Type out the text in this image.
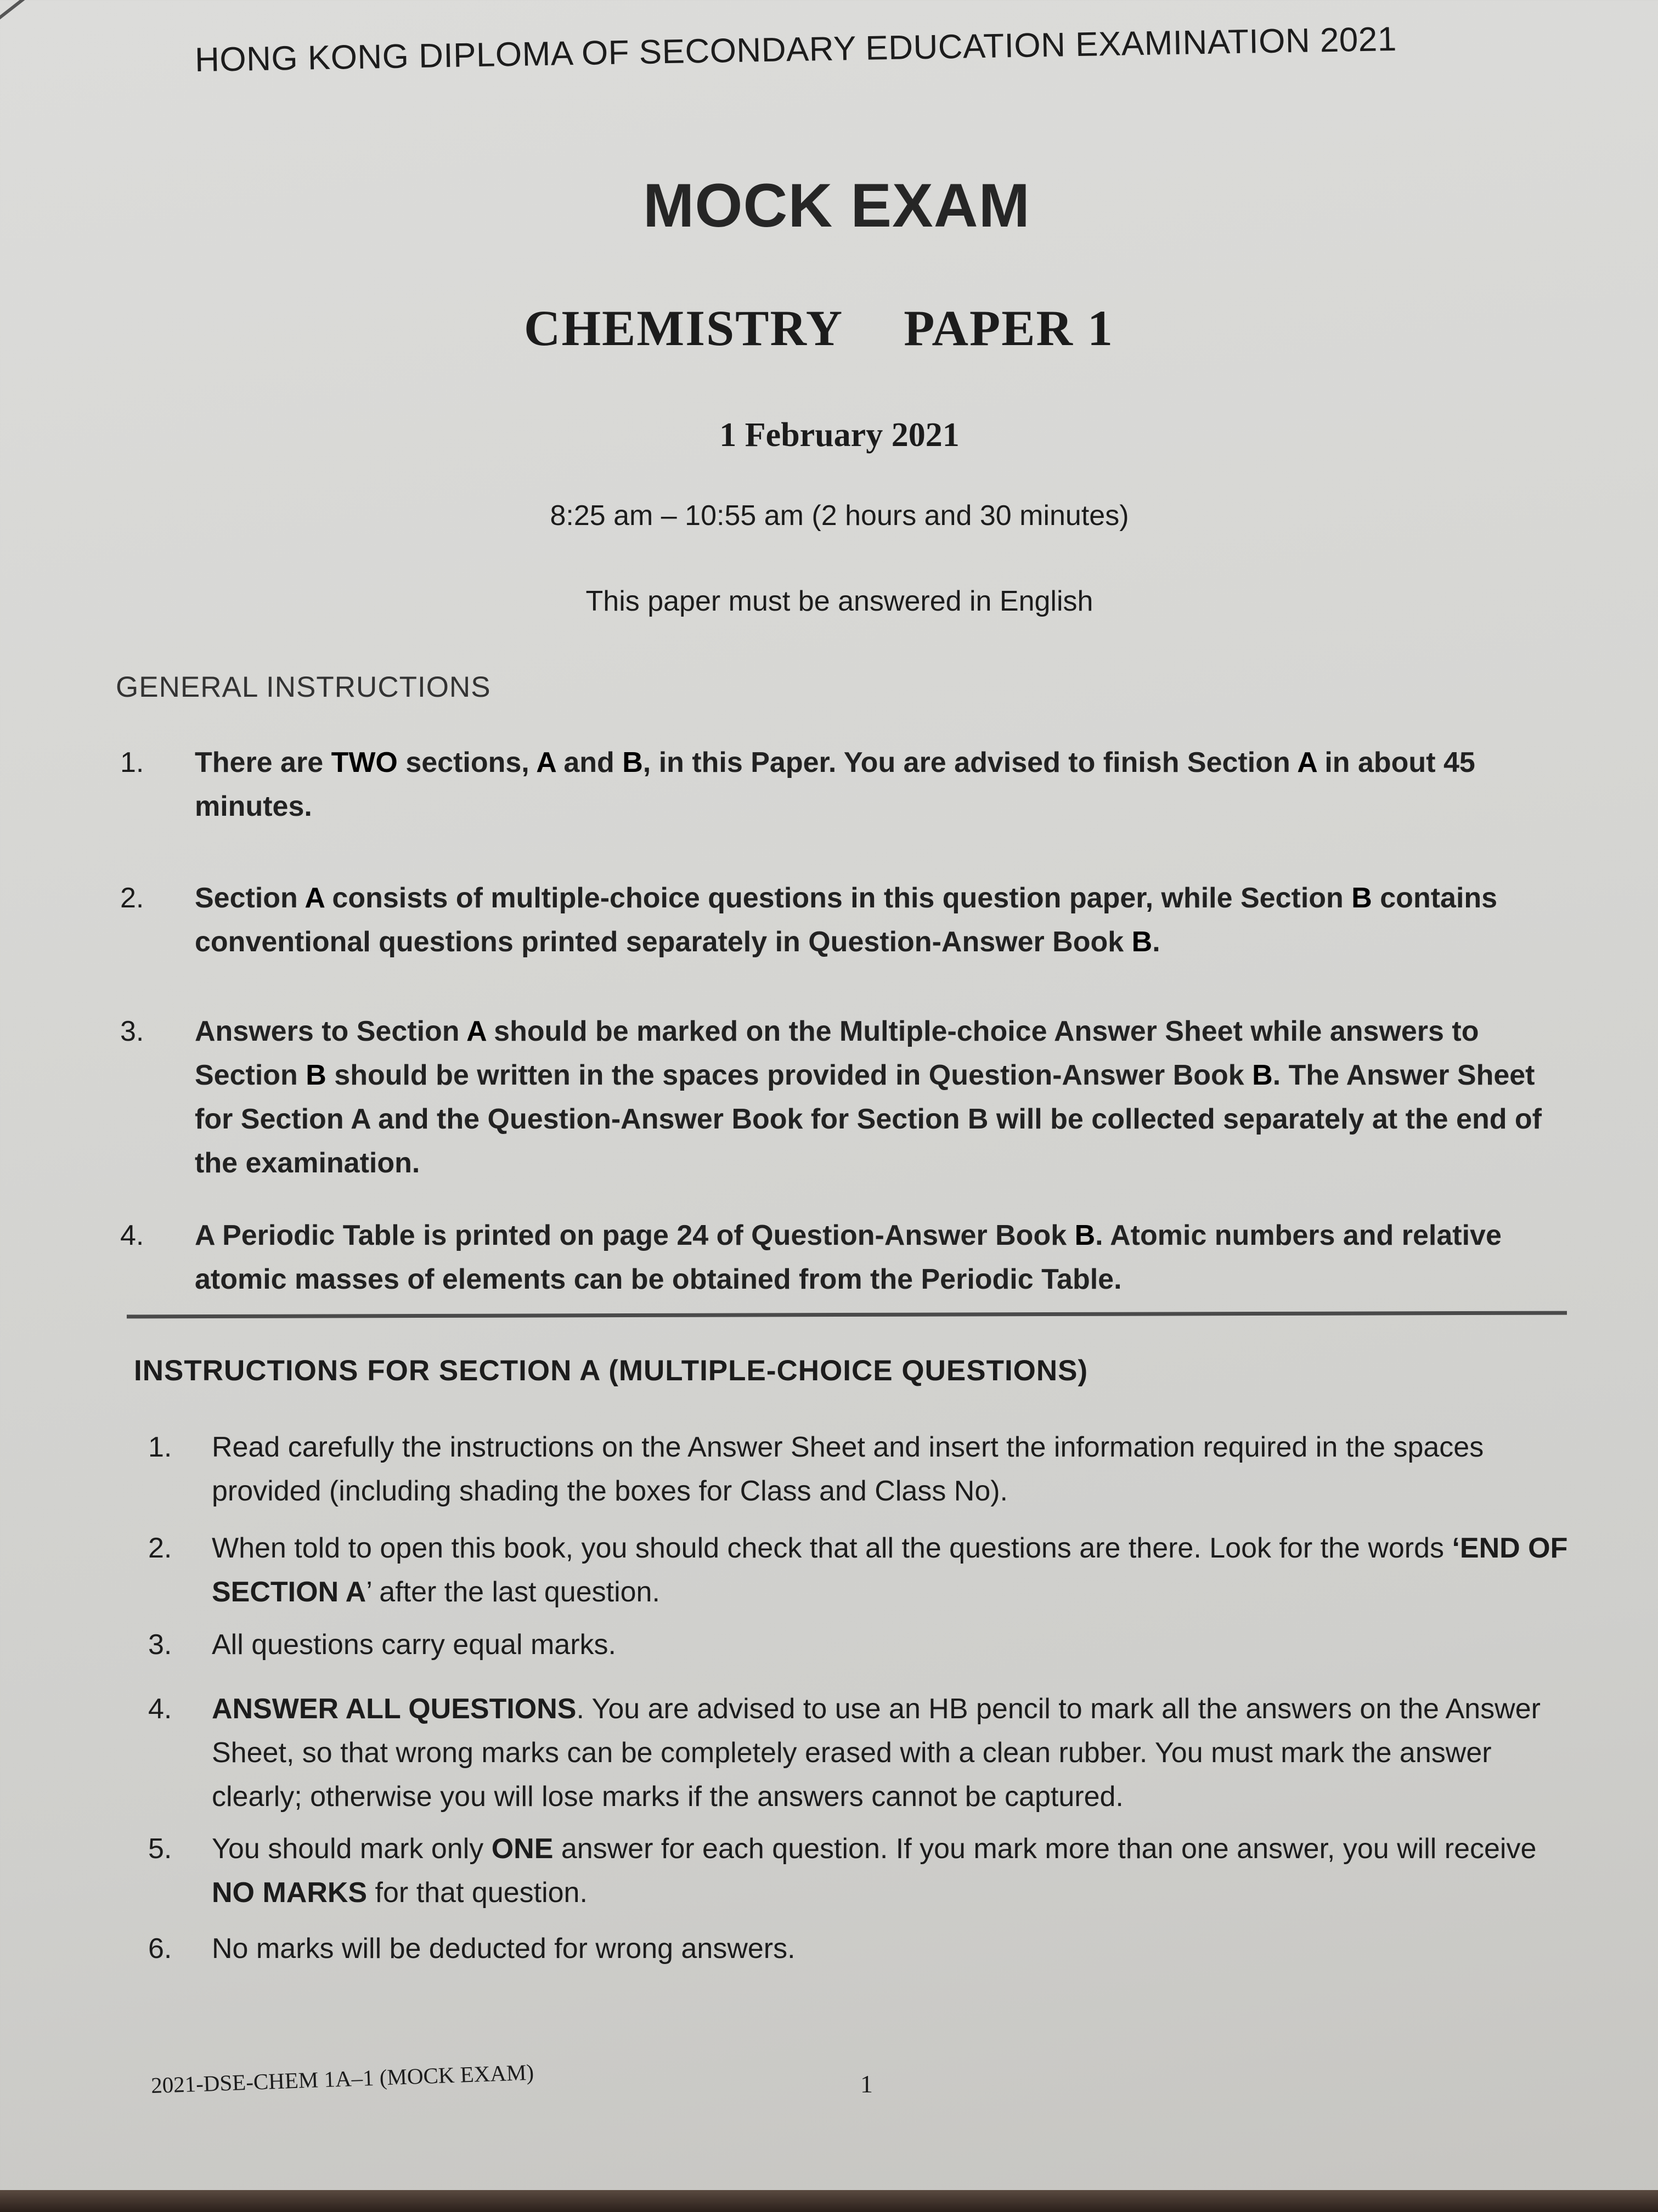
HONG KONG DIPLOMA OF SECONDARY EDUCATION EXAMINATION 2021
MOCK EXAM
CHEMISTRY PAPER 1
1 February 2021
8:25 am – 10:55 am (2 hours and 30 minutes)
This paper must be answered in English
GENERAL INSTRUCTIONS
1. There are TWO sections, A and B, in this Paper. You are advised to finish Section A in about 45 minutes.
2. Section A consists of multiple-choice questions in this question paper, while Section B contains conventional questions printed separately in Question-Answer Book B.
3. Answers to Section A should be marked on the Multiple-choice Answer Sheet while answers to Section B should be written in the spaces provided in Question-Answer Book B. The Answer Sheet for Section A and the Question-Answer Book for Section B will be collected separately at the end of the examination.
4. A Periodic Table is printed on page 24 of Question-Answer Book B. Atomic numbers and relative atomic masses of elements can be obtained from the Periodic Table.
INSTRUCTIONS FOR SECTION A (MULTIPLE-CHOICE QUESTIONS)
1. Read carefully the instructions on the Answer Sheet and insert the information required in the spaces provided (including shading the boxes for Class and Class No).
2. When told to open this book, you should check that all the questions are there. Look for the words ‘END OF SECTION A’ after the last question.
3. All questions carry equal marks.
4. ANSWER ALL QUESTIONS. You are advised to use an HB pencil to mark all the answers on the Answer Sheet, so that wrong marks can be completely erased with a clean rubber. You must mark the answer clearly; otherwise you will lose marks if the answers cannot be captured.
5. You should mark only ONE answer for each question. If you mark more than one answer, you will receive NO MARKS for that question.
6. No marks will be deducted for wrong answers.
2021-DSE-CHEM 1A–1 (MOCK EXAM)	1
